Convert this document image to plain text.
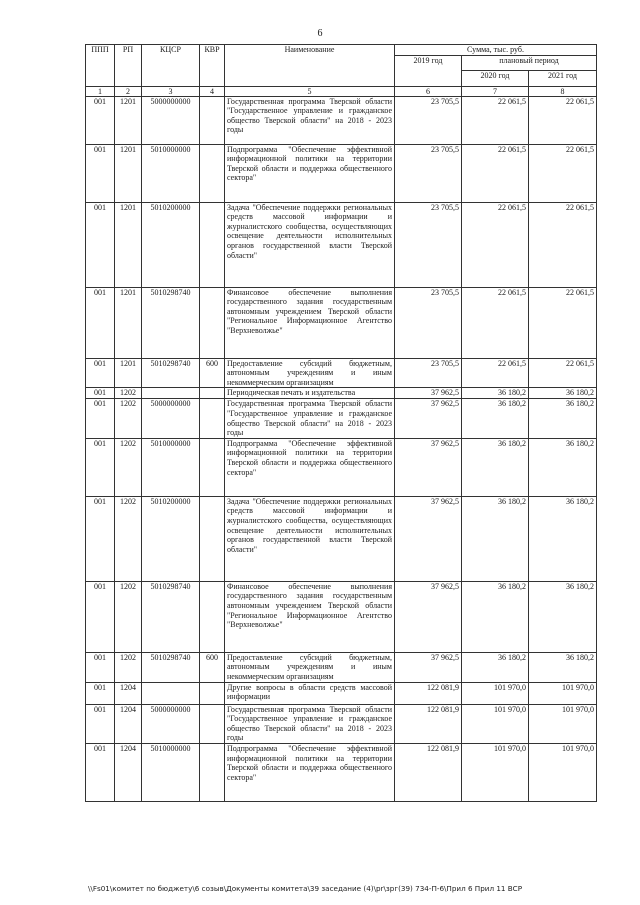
6
ППП	РП	КЦСР	КВР	Наименование	Сумма, тыс. руб.		
					2019 год	плановый период	
						2020 год	2021 год
1	2	3	4	5	6	7	8
001	1201	5000000000		Государственная программа Тверской области "Государственное управление и гражданское общество Тверской области" на 2018 - 2023 годы	23 705,5	22 061,5	22 061,5
001	1201	5010000000		Подпрограмма "Обеспечение эффективной информационной политики на территории Тверской области и поддержка общественного сектора"	23 705,5	22 061,5	22 061,5
001	1201	5010200000		Задача "Обеспечение поддержки региональных средств массовой информации и журналистского сообщества, осуществляющих освещение деятельности исполнительных органов государственной власти Тверской области"	23 705,5	22 061,5	22 061,5
001	1201	5010298740		Финансовое обеспечение выполнения государственного задания государственным автономным учреждением Тверской области "Региональное Информационное Агентство "Верхневолжье"	23 705,5	22 061,5	22 061,5
001	1201	5010298740	600	Предоставление субсидий бюджетным, автономным учреждениям и иным некоммерческим организациям	23 705,5	22 061,5	22 061,5
001	1202			Периодическая печать и издательства	37 962,5	36 180,2	36 180,2
001	1202	5000000000		Государственная программа Тверской области "Государственное управление и гражданское общество Тверской области" на 2018 - 2023 годы	37 962,5	36 180,2	36 180,2
001	1202	5010000000		Подпрограмма "Обеспечение эффективной информационной политики на территории Тверской области и поддержка общественного сектора"	37 962,5	36 180,2	36 180,2
001	1202	5010200000		Задача "Обеспечение поддержки региональных средств массовой информации и журналистского сообщества, осуществляющих освещение деятельности исполнительных органов государственной власти Тверской области"	37 962,5	36 180,2	36 180,2
001	1202	5010298740		Финансовое обеспечение выполнения государственного задания государственным автономным учреждением Тверской области "Региональное Информационное Агентство "Верхневолжье"	37 962,5	36 180,2	36 180,2
001	1202	5010298740	600	Предоставление субсидий бюджетным, автономным учреждениям и иным некоммерческим организациям	37 962,5	36 180,2	36 180,2
001	1204			Другие вопросы в области средств массовой информации	122 081,9	101 970,0	101 970,0
001	1204	5000000000		Государственная программа Тверской области "Государственное управление и гражданское общество Тверской области" на 2018 - 2023 годы	122 081,9	101 970,0	101 970,0
001	1204	5010000000		Подпрограмма "Обеспечение эффективной информационной политики на территории Тверской области и поддержка общественного сектора"	122 081,9	101 970,0	101 970,0
\\Fs01\комитет по бюджету\6 созыв\Документы комитета\39 заседание (4)\pr\зрг(39) 734-П-6\Прил 6 Прил 11 ВСР
